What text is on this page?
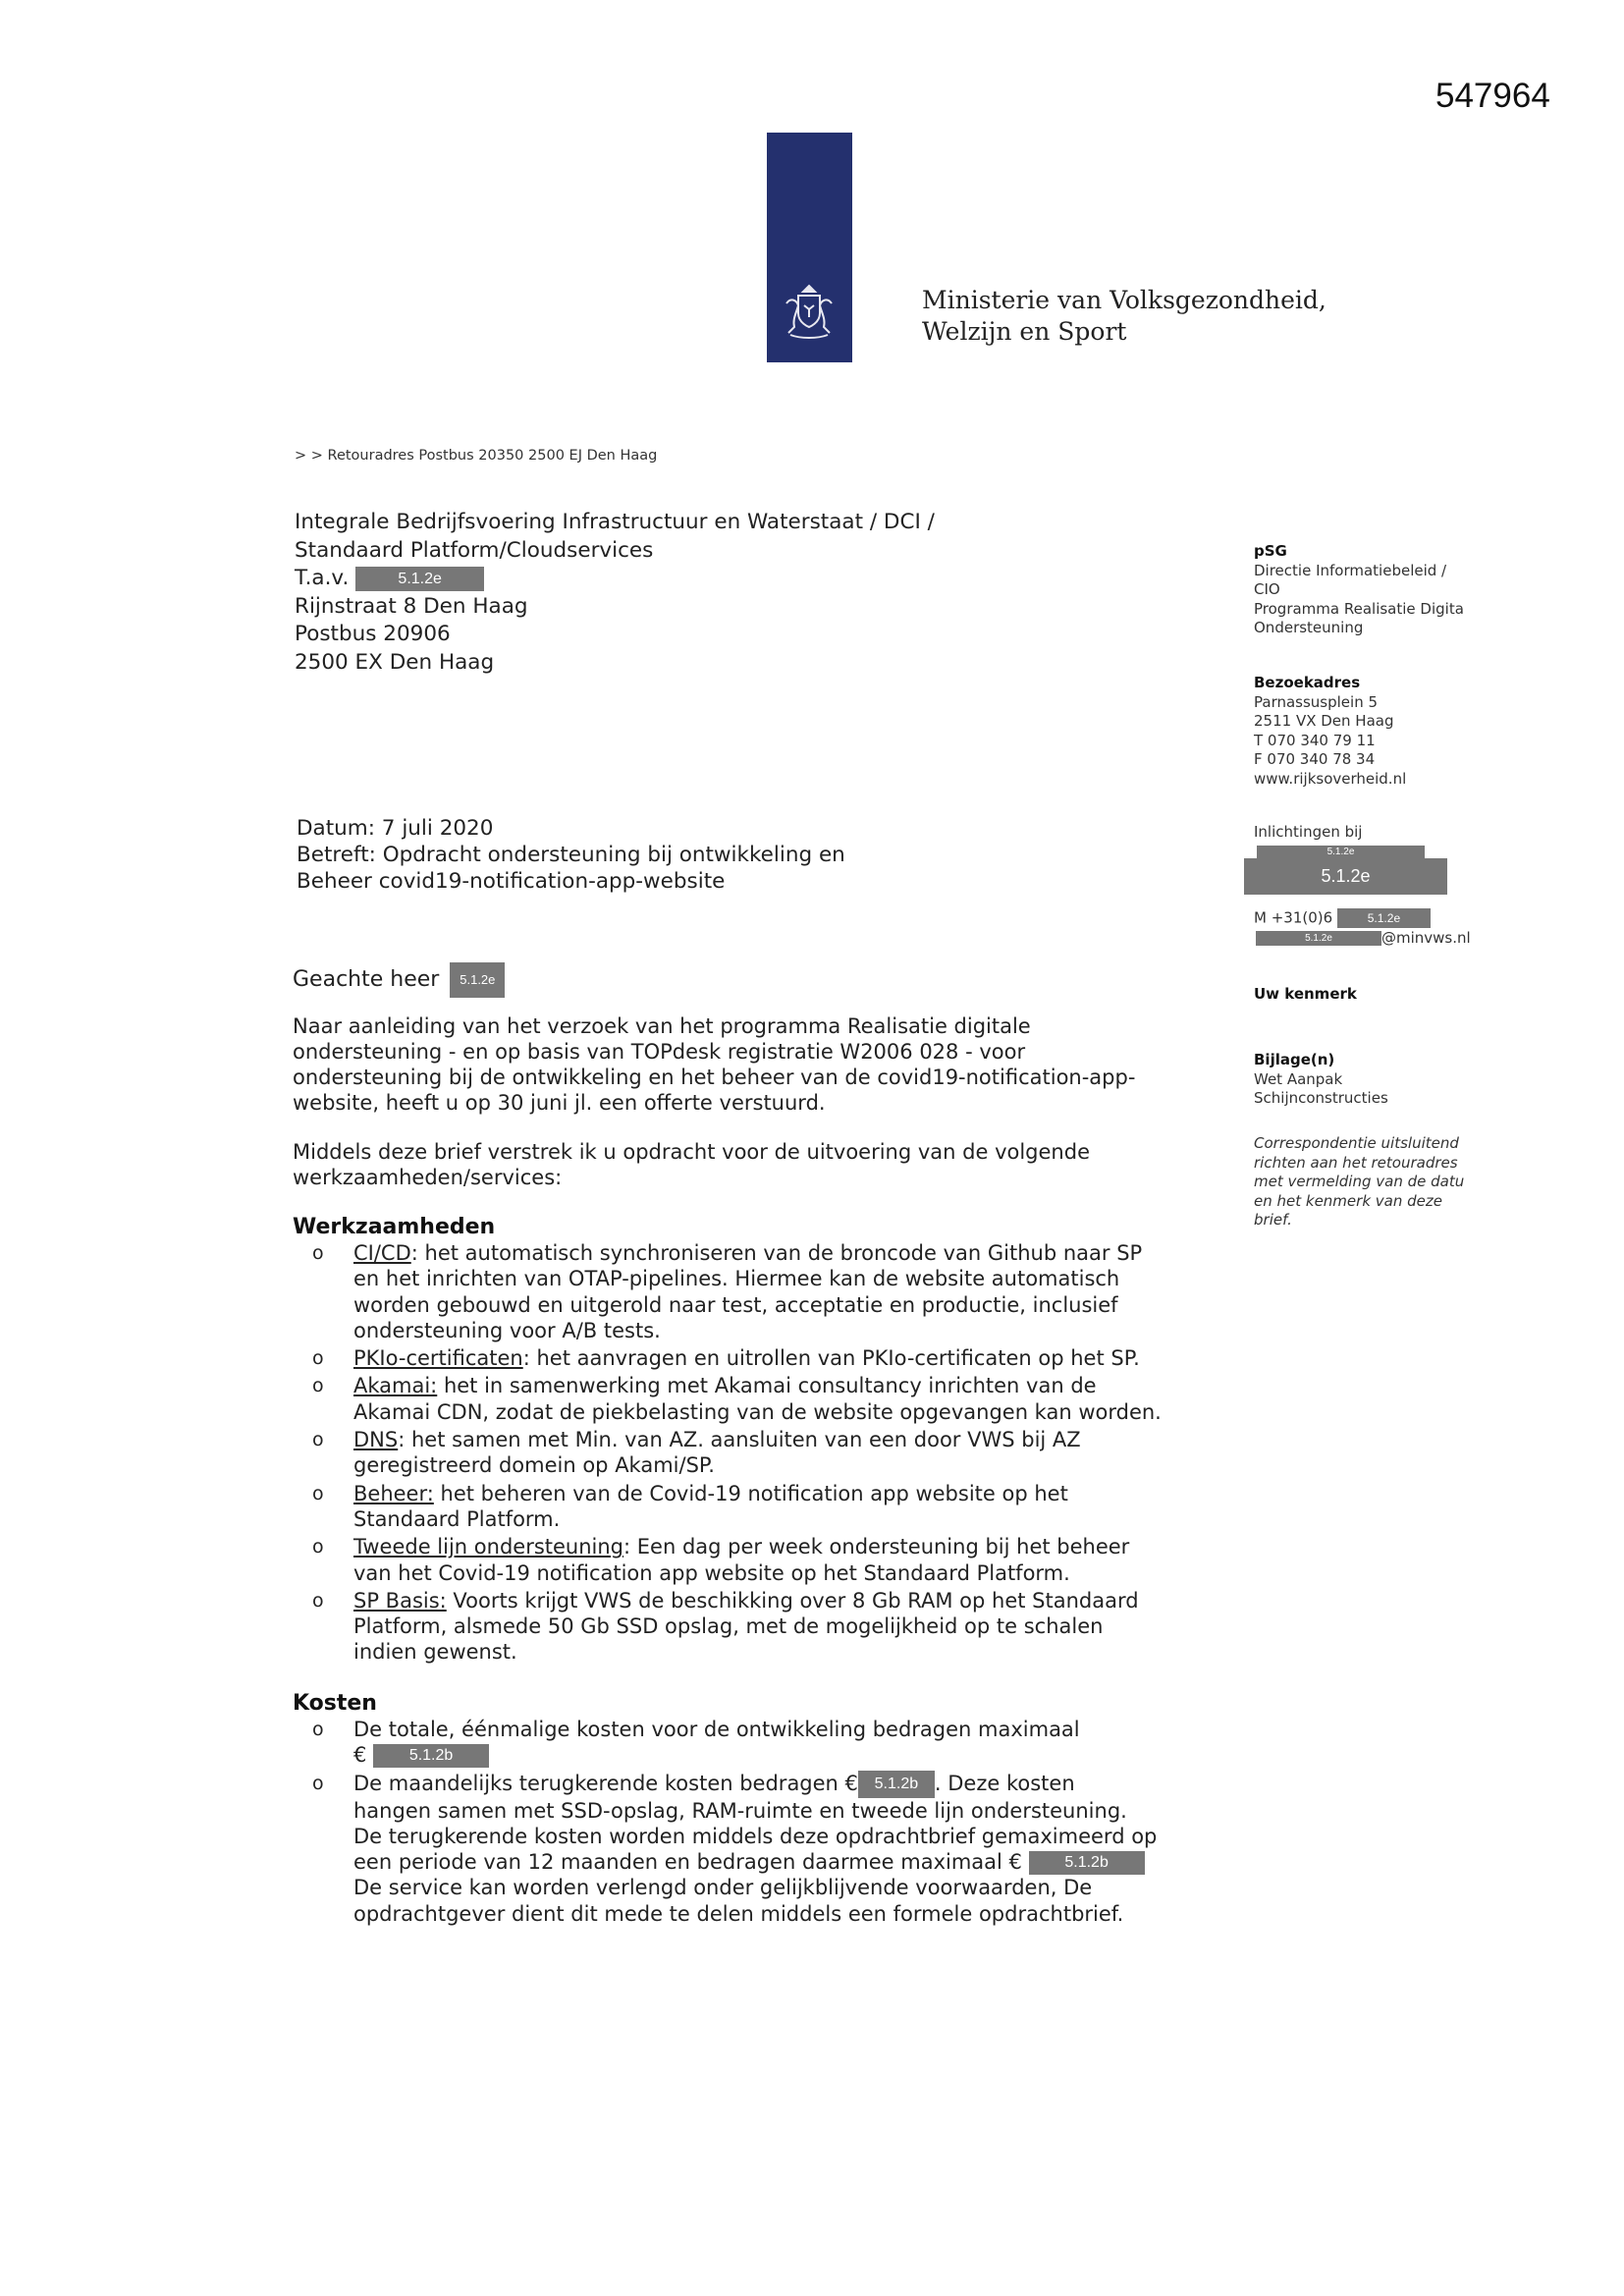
547964
Ministerie van Volksgezondheid,
Welzijn en Sport
> > Retouradres Postbus 20350 2500 EJ Den Haag
Integrale Bedrijfsvoering Infrastructuur en Waterstaat / DCI /
Standaard Platform/Cloudservices
T.a.v.	5.1.2e
Rijnstraat 8 Den Haag
Postbus 20906
2500 EX Den Haag
pSG
Directie Informatiebeleid /
CIO
Programma Realisatie Digita
Ondersteuning
Bezoekadres
Parnassusplein 5
2511 VX Den Haag
T 070 340 79 11
F 070 340 78 34
www.rijksoverheid.nl
Inlichtingen bij
5.1.2e
5.1.2e
M +31(0)6	5.1.2e
5.1.2e	@minvws.nl
Uw kenmerk
Bijlage(n)
Wet Aanpak
Schijnconstructies
Correspondentie uitsluitend
richten aan het retouradres
met vermelding van de datu
en het kenmerk van deze
brief.
Datum: 7 juli 2020
Betreft: Opdracht ondersteuning bij ontwikkeling en
Beheer covid19-notification-app-website
Geachte heer 5.1.2e
Naar aanleiding van het verzoek van het programma Realisatie digitale
ondersteuning - en op basis van TOPdesk registratie W2006 028 - voor
ondersteuning bij de ontwikkeling en het beheer van de covid19-notification-app-
website, heeft u op 30 juni jl. een offerte verstuurd.
Middels deze brief verstrek ik u opdracht voor de uitvoering van de volgende
werkzaamheden/services:
Werkzaamheden
o CI/CD: het automatisch synchroniseren van de broncode van Github naar SP
en het inrichten van OTAP-pipelines. Hiermee kan de website automatisch
worden gebouwd en uitgerold naar test, acceptatie en productie, inclusief
ondersteuning voor A/B tests.
o PKIo-certificaten: het aanvragen en uitrollen van PKIo-certificaten op het SP.
o Akamai: het in samenwerking met Akamai consultancy inrichten van de
Akamai CDN, zodat de piekbelasting van de website opgevangen kan worden.
o DNS: het samen met Min. van AZ. aansluiten van een door VWS bij AZ
geregistreerd domein op Akami/SP.
o Beheer: het beheren van de Covid-19 notification app website op het
Standaard Platform.
o Tweede lijn ondersteuning: Een dag per week ondersteuning bij het beheer
van het Covid-19 notification app website op het Standaard Platform.
o SP Basis: Voorts krijgt VWS de beschikking over 8 Gb RAM op het Standaard
Platform, alsmede 50 Gb SSD opslag, met de mogelijkheid op te schalen
indien gewenst.
Kosten
o De totale, éénmalige kosten voor de ontwikkeling bedragen maximaal
€	5.1.2b
o De maandelijks terugkerende kosten bedragen € 5.1.2b . Deze kosten
hangen samen met SSD-opslag, RAM-ruimte en tweede lijn ondersteuning.
De terugkerende kosten worden middels deze opdrachtbrief gemaximeerd op
een periode van 12 maanden en bedragen daarmee maximaal €	5.1.2b
De service kan worden verlengd onder gelijkblijvende voorwaarden, De
opdrachtgever dient dit mede te delen middels een formele opdrachtbrief.
